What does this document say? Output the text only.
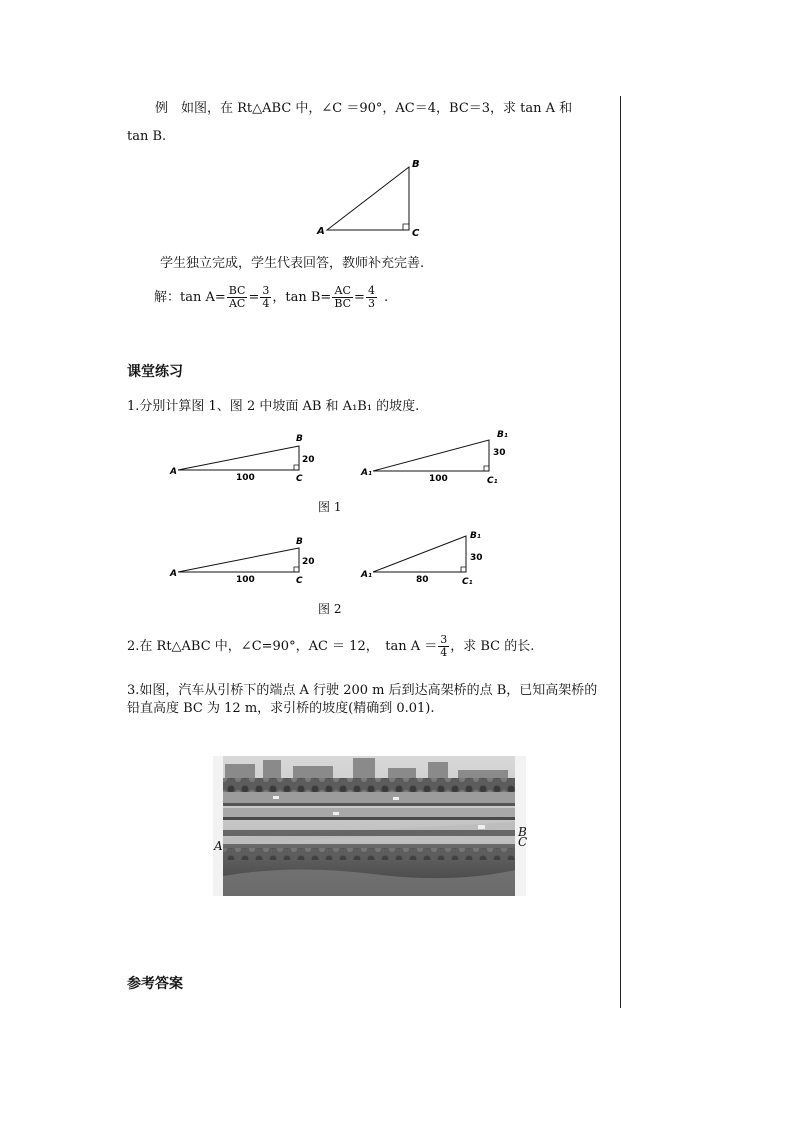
例　如图，在 Rt△ABC 中，∠C ＝90°，AC＝4，BC＝3，求 tan A 和
tan B.
A
B
C
学生独立完成，学生代表回答，教师补充完善.
解：$\tan A= \frac{BC}{AC} = \frac{3}{4}$ ，$\tan B= \frac{AC}{BC} = \frac{4}{3}$ .
课堂练习
1.分别计算图 1、图 2 中坡面 AB 和 A₁B₁ 的坡度.
A
B
C
100
20
A₁
B₁
C₁
100
30
图 1
A
B
C
100
20
A₁
B₁
C₁
80
30
图 2
2.在 Rt△ABC 中，∠C=90°，AC ＝ 12，　$\tan A = \frac{3}{4}$ ，求 BC 的长.
3.如图，汽车从引桥下的端点 A 行驶 200 m 后到达高架桥的点 B，已知高架桥的
铅直高度 BC 为 12 m，求引桥的坡度(精确到 0.01).
A
B
C
参考答案
